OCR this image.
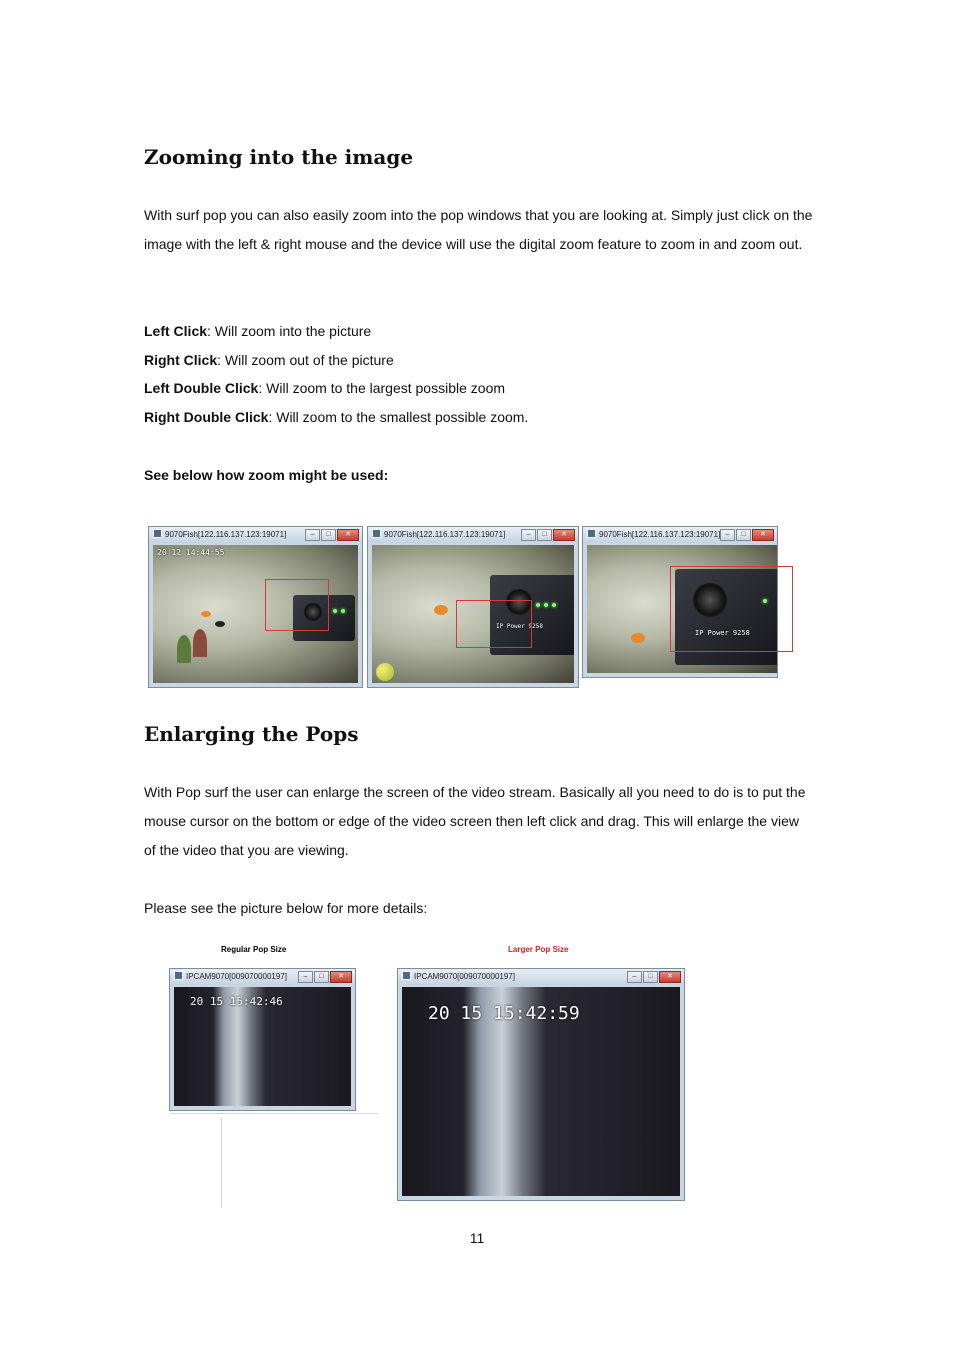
Zooming into the image

With surf pop you can also easily zoom into the pop windows that you are looking at. Simply just click on the image with the left & right mouse and the device will use the digital zoom feature to zoom in and zoom out.

Left Click: Will zoom into the picture
Right Click: Will zoom out of the picture
Left Double Click: Will zoom to the largest possible zoom
Right Double Click: Will zoom to the smallest possible zoom.
See below how zoom might be used:
9070Fish[122.116.137.123:19071]	–	□	✕
20 12 14:44:55
9070Fish[122.116.137.123:19071]	–	□	✕
IP Power 9258
9070Fish[122.116.137.123:19071] –	□	✕
IP Power 9258
Enlarging the Pops

With Pop surf the user can enlarge the screen of the video stream. Basically all you need to do is to put the mouse cursor on the bottom or edge of the video screen then left click and drag. This will enlarge the view of the video that you are viewing.

Please see the picture below for more details:
Regular Pop Size	Larger Pop Size
IPCAM9070[009070000197]	–	□	✕
20 15 15:42:46
IPCAM9070[009070000197]	–	□	✕
20 15 15:42:59
11
